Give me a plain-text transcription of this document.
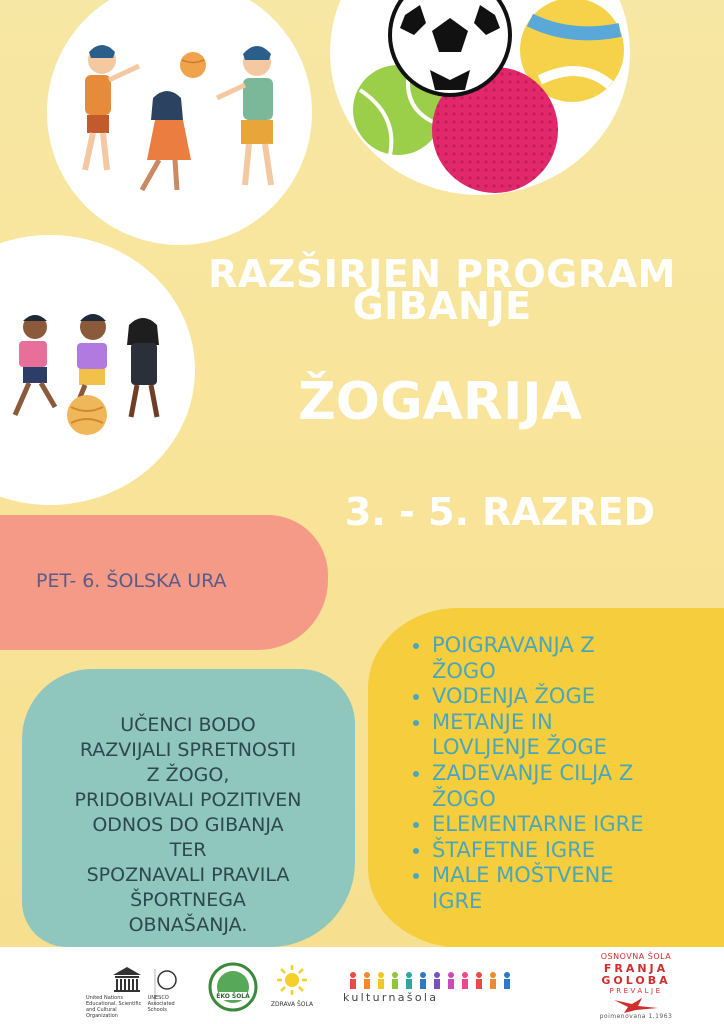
RAZŠIRJEN PROGRAM
GIBANJE
ŽOGARIJA
3. - 5. RAZRED

PET- 6. ŠOLSKA URA

UČENCI BODO
RAZVIJALI SPRETNOSTI
Z ŽOGO,
PRIDOBIVALI POZITIVEN
ODNOS DO GIBANJA
TER
SPOZNAVALI PRAVILA
ŠPORTNEGA
OBNAŠANJA.

POIGRAVANJA Z
ŽOGO
VODENJA ŽOGE
METANJE IN
LOVLJENJE ŽOGE
ZADEVANJE CILJA Z
ŽOGO
ELEMENTARNE IGRE
ŠTAFETNE IGRE
MALE MOŠTVENE
IGRE
United Nations Educational, Scientific and Cultural Organization UNESCO Associated Schools
EKO ŠOLA
ZDRAVA ŠOLA

kulturnašola

OSNOVNA ŠOLA

FRANJA

GOLOBA

PREVALJE

poimenovana 1.1963
